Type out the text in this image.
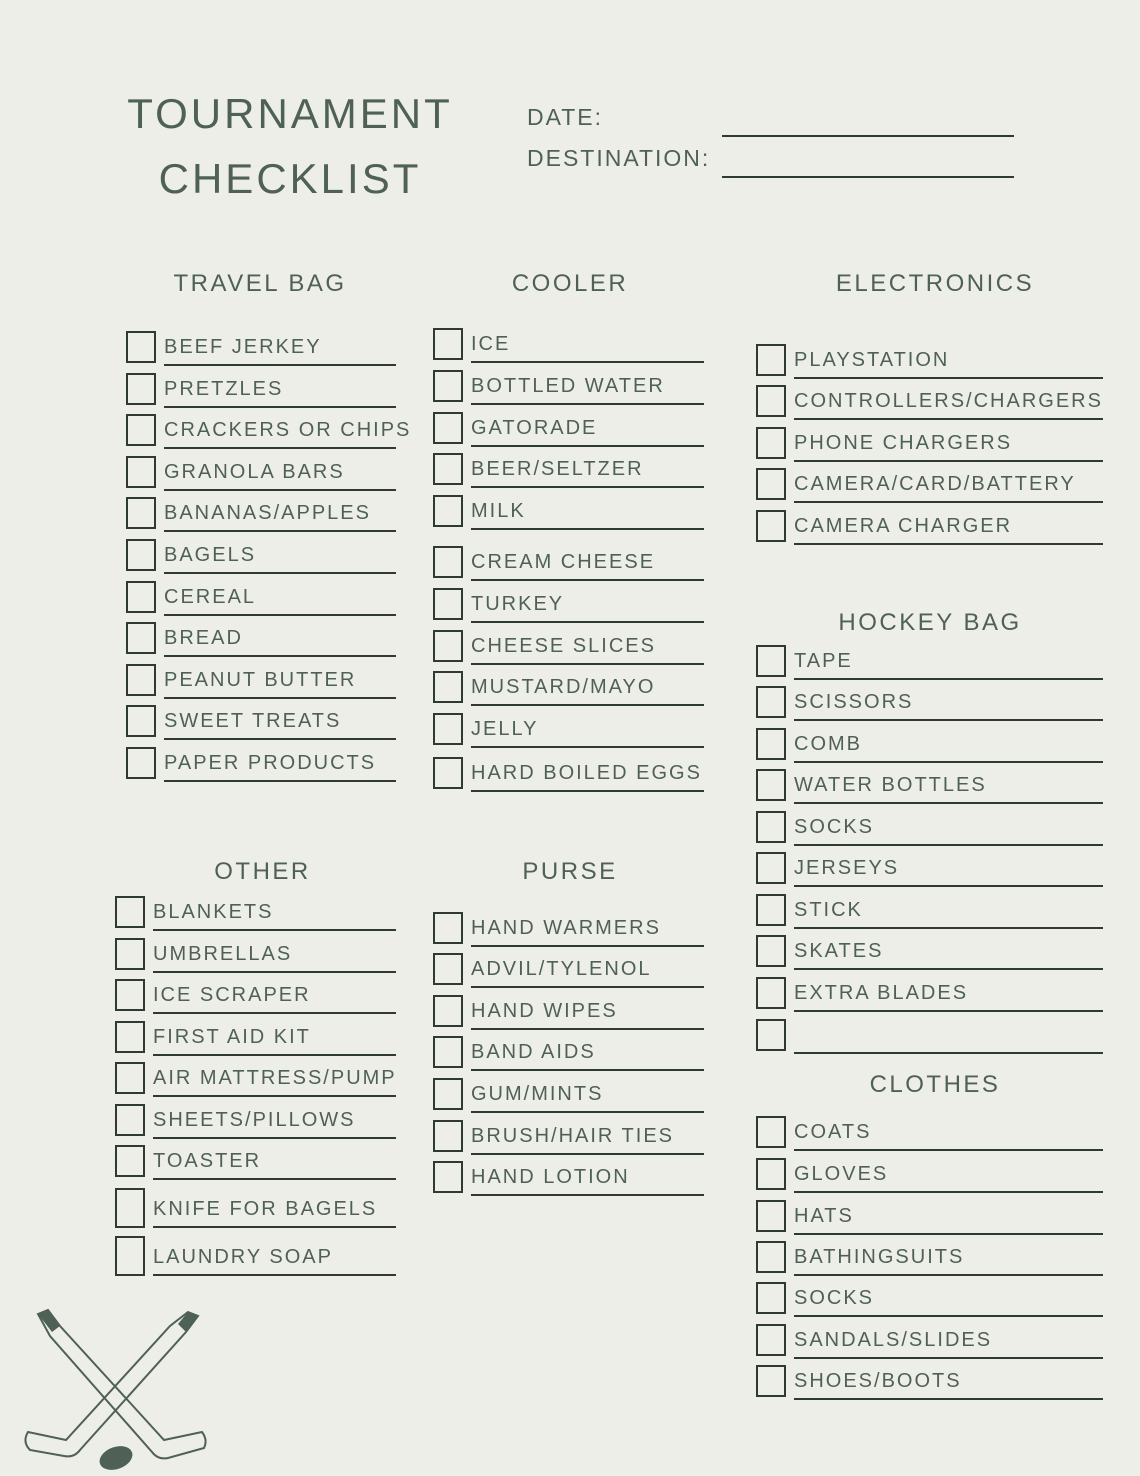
TOURNAMENT
CHECKLIST
DATE:
DESTINATION:
TRAVEL BAG	COOLER	ELECTRONICS
HOCKEY BAG
OTHER	PURSE
CLOTHES
BEEF JERKEY
PRETZLES
CRACKERS OR CHIPS
GRANOLA BARS
BANANAS/APPLES
BAGELS
CEREAL
BREAD
PEANUT BUTTER
SWEET TREATS
PAPER PRODUCTS
ICE
BOTTLED WATER
GATORADE
BEER/SELTZER
MILK
CREAM CHEESE
TURKEY
CHEESE SLICES
MUSTARD/MAYO
JELLY
HARD BOILED EGGS
PLAYSTATION
CONTROLLERS/CHARGERS
PHONE CHARGERS
CAMERA/CARD/BATTERY
CAMERA CHARGER
TAPE
SCISSORS
COMB
WATER BOTTLES
SOCKS
JERSEYS
STICK
SKATES
EXTRA BLADES
BLANKETS
UMBRELLAS
ICE SCRAPER
FIRST AID KIT
AIR MATTRESS/PUMP
SHEETS/PILLOWS
TOASTER
KNIFE FOR BAGELS
LAUNDRY SOAP
HAND WARMERS
ADVIL/TYLENOL
HAND WIPES
BAND AIDS
GUM/MINTS
BRUSH/HAIR TIES
HAND LOTION
COATS
GLOVES
HATS
BATHINGSUITS
SOCKS
SANDALS/SLIDES
SHOES/BOOTS
